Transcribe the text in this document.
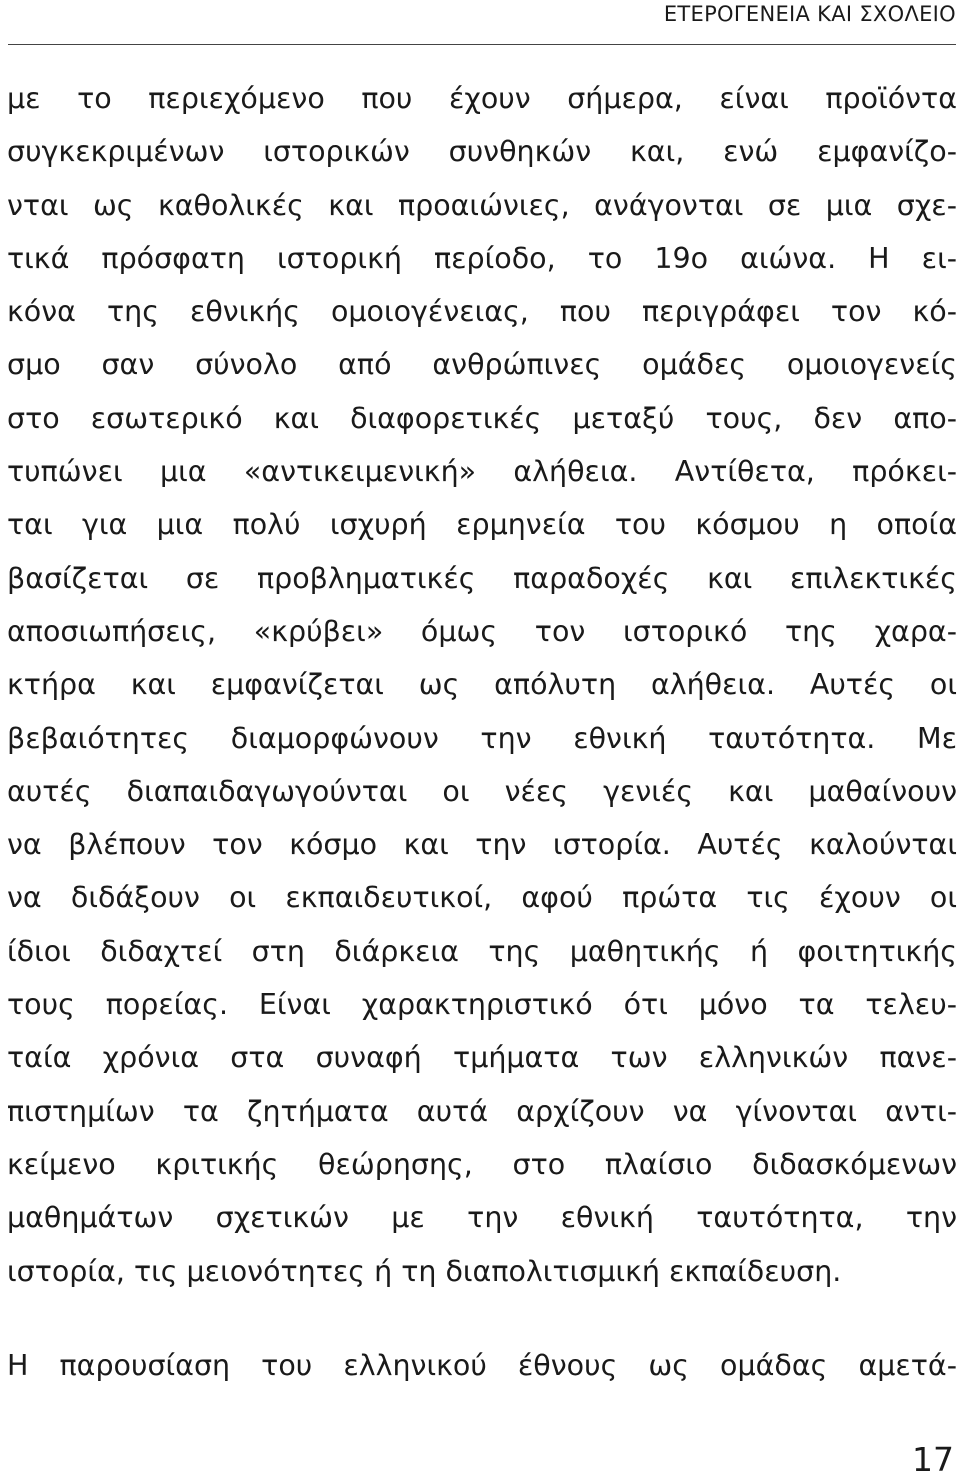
ΕΤΕΡΟΓΕΝΕΙΑ ΚΑΙ ΣΧΟΛΕΙΟ
με το περιεχόμενο που έχουν σήμερα, είναι προϊόντα
συγκεκριμένων ιστορικών συνθηκών και, ενώ εμφανίζο-
νται ως καθολικές και προαιώνιες, ανάγονται σε μια σχε-
τικά πρόσφατη ιστορική περίοδο, το 19ο αιώνα. Η ει-
κόνα της εθνικής ομοιογένειας, που περιγράφει τον κό-
σμο σαν σύνολο από ανθρώπινες ομάδες ομοιογενείς
στο εσωτερικό και διαφορετικές μεταξύ τους, δεν απο-
τυπώνει μια «αντικειμενική» αλήθεια. Αντίθετα, πρόκει-
ται για μια πολύ ισχυρή ερμηνεία του κόσμου η οποία
βασίζεται σε προβληματικές παραδοχές και επιλεκτικές
αποσιωπήσεις, «κρύβει» όμως τον ιστορικό της χαρα-
κτήρα και εμφανίζεται ως απόλυτη αλήθεια. Αυτές οι
βεβαιότητες διαμορφώνουν την εθνική ταυτότητα. Με
αυτές διαπαιδαγωγούνται οι νέες γενιές και μαθαίνουν
να βλέπουν τον κόσμο και την ιστορία. Αυτές καλούνται
να διδάξουν οι εκπαιδευτικοί, αφού πρώτα τις έχουν οι
ίδιοι διδαχτεί στη διάρκεια της μαθητικής ή φοιτητικής
τους πορείας. Είναι χαρακτηριστικό ότι μόνο τα τελευ-
ταία χρόνια στα συναφή τμήματα των ελληνικών πανε-
πιστημίων τα ζητήματα αυτά αρχίζουν να γίνονται αντι-
κείμενο κριτικής θεώρησης, στο πλαίσιο διδασκόμενων
μαθημάτων σχετικών με την εθνική ταυτότητα, την
ιστορία, τις μειονότητες ή τη διαπολιτισμική εκπαίδευση.
Η παρουσίαση του ελληνικού έθνους ως ομάδας αμετά-
17
